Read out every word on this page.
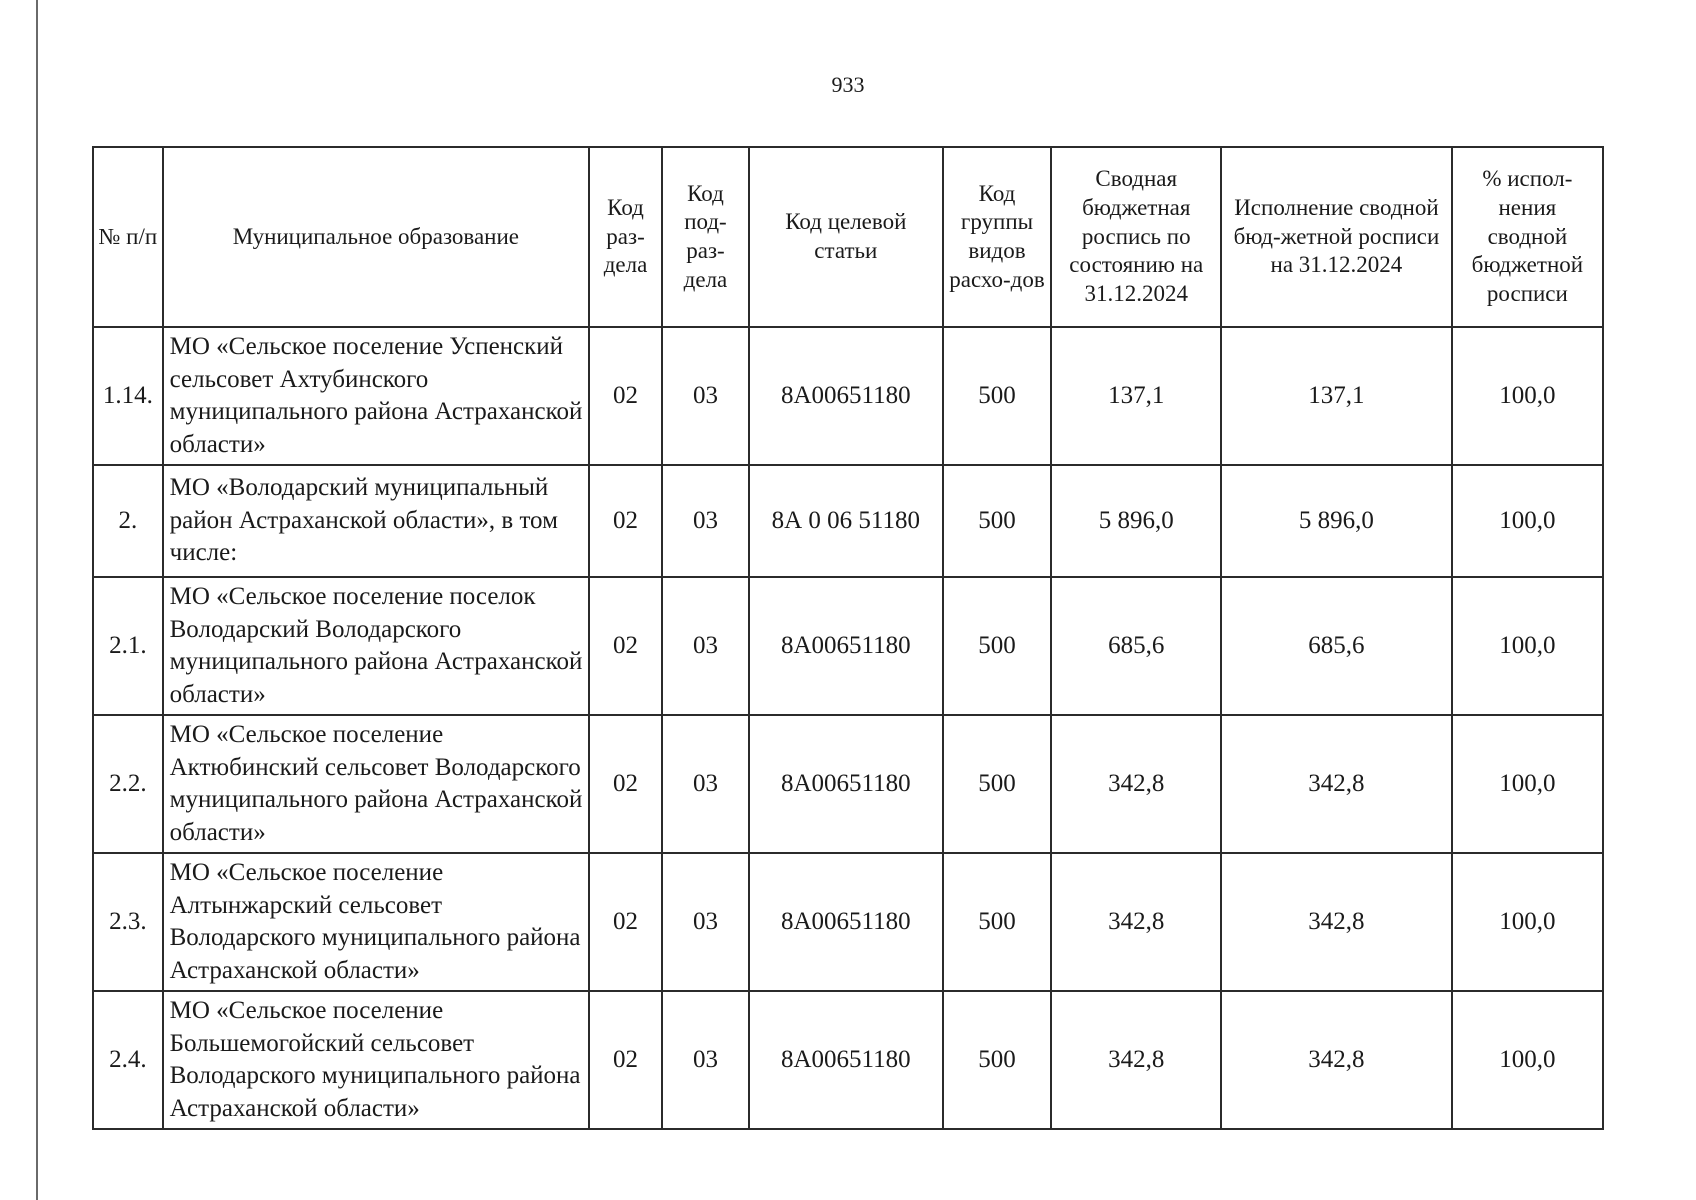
933
№ п/п	Муниципальное образование	Код раз-дела	Код под-раз-дела	Код целевой статьи	Код группы видов расхо-дов	Сводная бюджетная роспись по состоянию на 31.12.2024	Исполнение сводной бюд-жетной росписи на 31.12.2024	% испол-нения сводной бюджетной росписи
1.14.	МО «Сельское поселение Успенский сельсовет Ахтубинского муниципального района Астраханской области»	02	03	8A00651180	500	137,1	137,1	100,0
2.	МО «Володарский муниципальный район Астраханской области», в том числе:	02	03	8А 0 06 51180	500	5 896,0	5 896,0	100,0
2.1.	МО «Сельское поселение поселок Володарский Володарского муниципального района Астраханской области»	02	03	8A00651180	500	685,6	685,6	100,0
2.2.	МО «Сельское поселение Актюбинский сельсовет Володарского муниципального района Астраханской области»	02	03	8A00651180	500	342,8	342,8	100,0
2.3.	МО «Сельское поселение Алтынжарский сельсовет Володарского муниципального района Астраханской области»	02	03	8A00651180	500	342,8	342,8	100,0
2.4.	МО «Сельское поселение Большемогойский сельсовет Володарского муниципального района Астраханской области»	02	03	8A00651180	500	342,8	342,8	100,0
